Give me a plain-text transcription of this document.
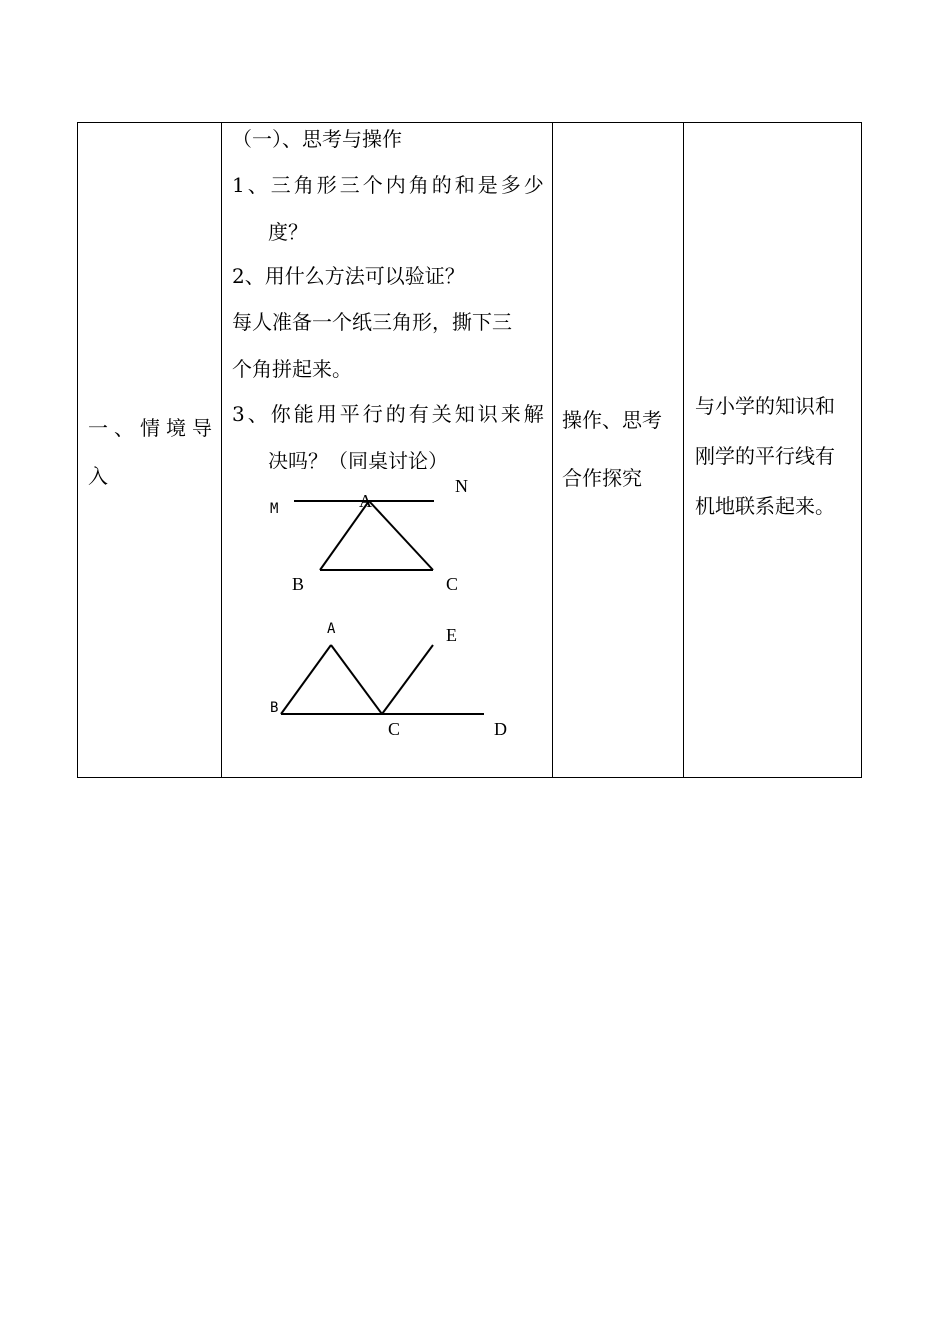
一、情境导
入

（一）、思考与操作
1、三角形三个内角的和是多少
度？
2、用什么方法可以验证？
每人准备一个纸三角形，撕下三
个角拼起来。
3、你能用平行的有关知识来解
决吗？（同桌讨论）
M	A
N
B	C
A	E
B
C	D

操作、思考
合作探究

与小学的知识和
刚学的平行线有
机地联系起来。
